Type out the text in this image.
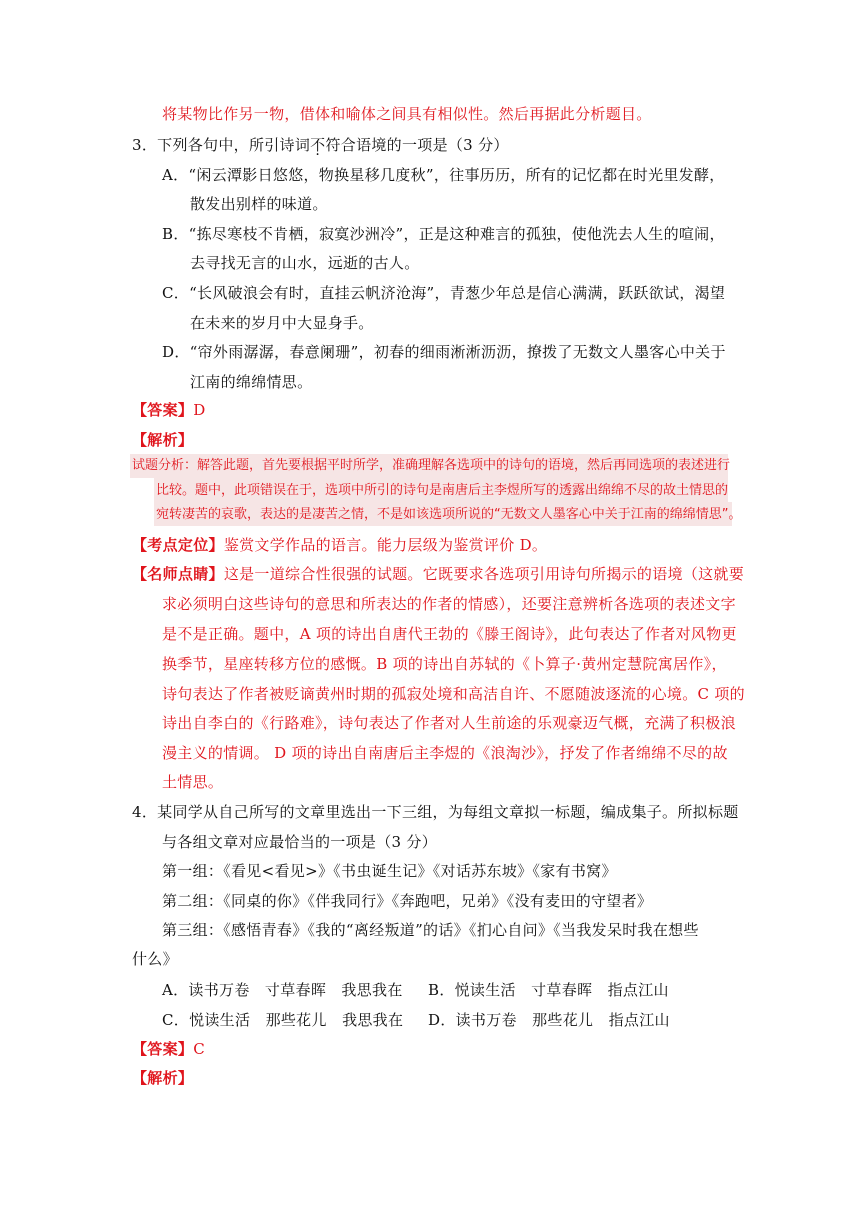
将某物比作另一物，借体和喻体之间具有相似性。然后再据此分析题目。
3．下列各句中，所引诗词不符合语境的一项是（3 分）
A．“闲云潭影日悠悠，物换星移几度秋”，往事历历，所有的记忆都在时光里发酵，
散发出别样的味道。
B．“拣尽寒枝不肯栖，寂寞沙洲冷”，正是这种难言的孤独，使他洗去人生的喧闹，
去寻找无言的山水，远逝的古人。
C．“长风破浪会有时，直挂云帆济沧海”，青葱少年总是信心满满，跃跃欲试，渴望
在未来的岁月中大显身手。
D．“帘外雨潺潺，春意阑珊”，初春的细雨淅淅沥沥，撩拨了无数文人墨客心中关于
江南的绵绵情思。
【答案】D
【解析】
试题分析：解答此题，首先要根据平时所学，准确理解各选项中的诗句的语境，然后再同选项的表述进行
比较。题中，此项错误在于，选项中所引的诗句是南唐后主李煜所写的透露出绵绵不尽的故土情思的
宛转凄苦的哀歌，表达的是凄苦之情，不是如该选项所说的“无数文人墨客心中关于江南的绵绵情思”。
【考点定位】鉴赏文学作品的语言。能力层级为鉴赏评价 D。
【名师点睛】这是一道综合性很强的试题。它既要求各选项引用诗句所揭示的语境（这就要
求必须明白这些诗句的意思和所表达的作者的情感），还要注意辨析各选项的表述文字
是不是正确。题中，A 项的诗出自唐代王勃的《滕王阁诗》，此句表达了作者对风物更
换季节，星座转移方位的感慨。B 项的诗出自苏轼的《卜算子·黄州定慧院寓居作》，
诗句表达了作者被贬谪黄州时期的孤寂处境和高洁自许、不愿随波逐流的心境。C 项的
诗出自李白的《行路难》，诗句表达了作者对人生前途的乐观豪迈气概，充满了积极浪
漫主义的情调。 D 项的诗出自南唐后主李煜的《浪淘沙》，抒发了作者绵绵不尽的故
土情思。
4．某同学从自己所写的文章里选出一下三组，为每组文章拟一标题，编成集子。所拟标题
与各组文章对应最恰当的一项是（3 分）
第一组：《看见<看见>》《书虫诞生记》《对话苏东坡》《家有书窝》
第二组：《同桌的你》《伴我同行》《奔跑吧，兄弟》《没有麦田的守望者》
第三组：《感悟青春》《我的“离经叛道”的话》《扪心自问》《当我发呆时我在想些
什么》
A．读书万卷　寸草春晖　我思我在 B．悦读生活　寸草春晖　指点江山
C．悦读生活　那些花儿　我思我在 D．读书万卷　那些花儿　指点江山
【答案】C
【解析】
